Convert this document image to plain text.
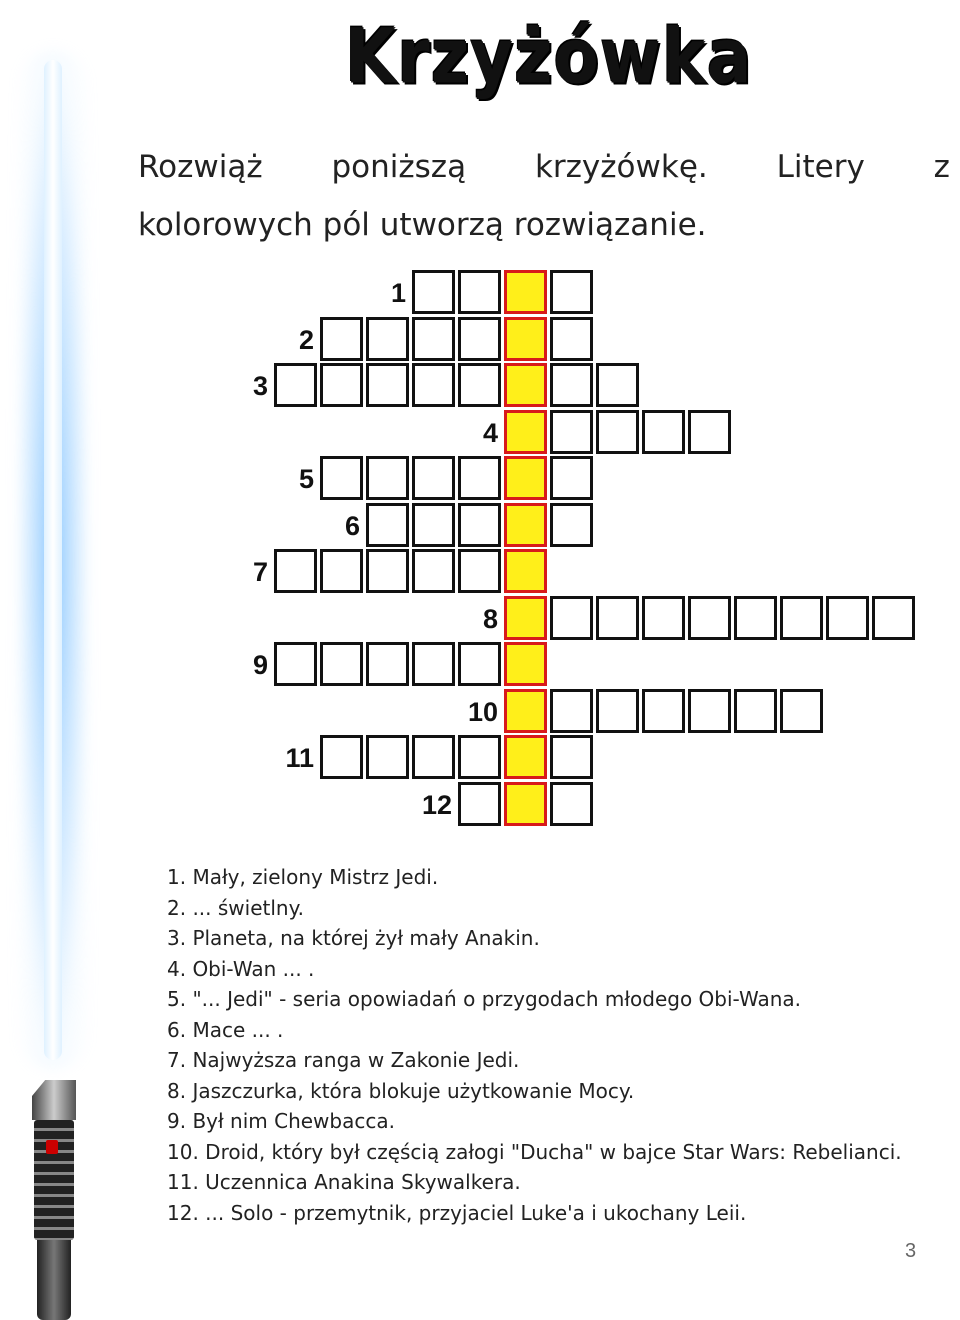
Krzyżówka
Rozwiąż poniższą krzyżówkę. Litery z
kolorowych pól utworzą rozwiązanie.
1
2
3
4
5
6
7
8
9
10
11
12
1. Mały, zielony Mistrz Jedi.
2. ... świetlny.
3. Planeta, na której żył mały Anakin.
4. Obi-Wan ... .
5. "... Jedi" - seria opowiadań o przygodach młodego Obi-Wana.
6. Mace ... .
7. Najwyższa ranga w Zakonie Jedi.
8. Jaszczurka, która blokuje użytkowanie Mocy.
9. Był nim Chewbacca.
10. Droid, który był częścią załogi "Ducha" w bajce Star Wars: Rebelianci.
11. Uczennica Anakina Skywalkera.
12. ... Solo - przemytnik, przyjaciel Luke'a i ukochany Leii.
3
